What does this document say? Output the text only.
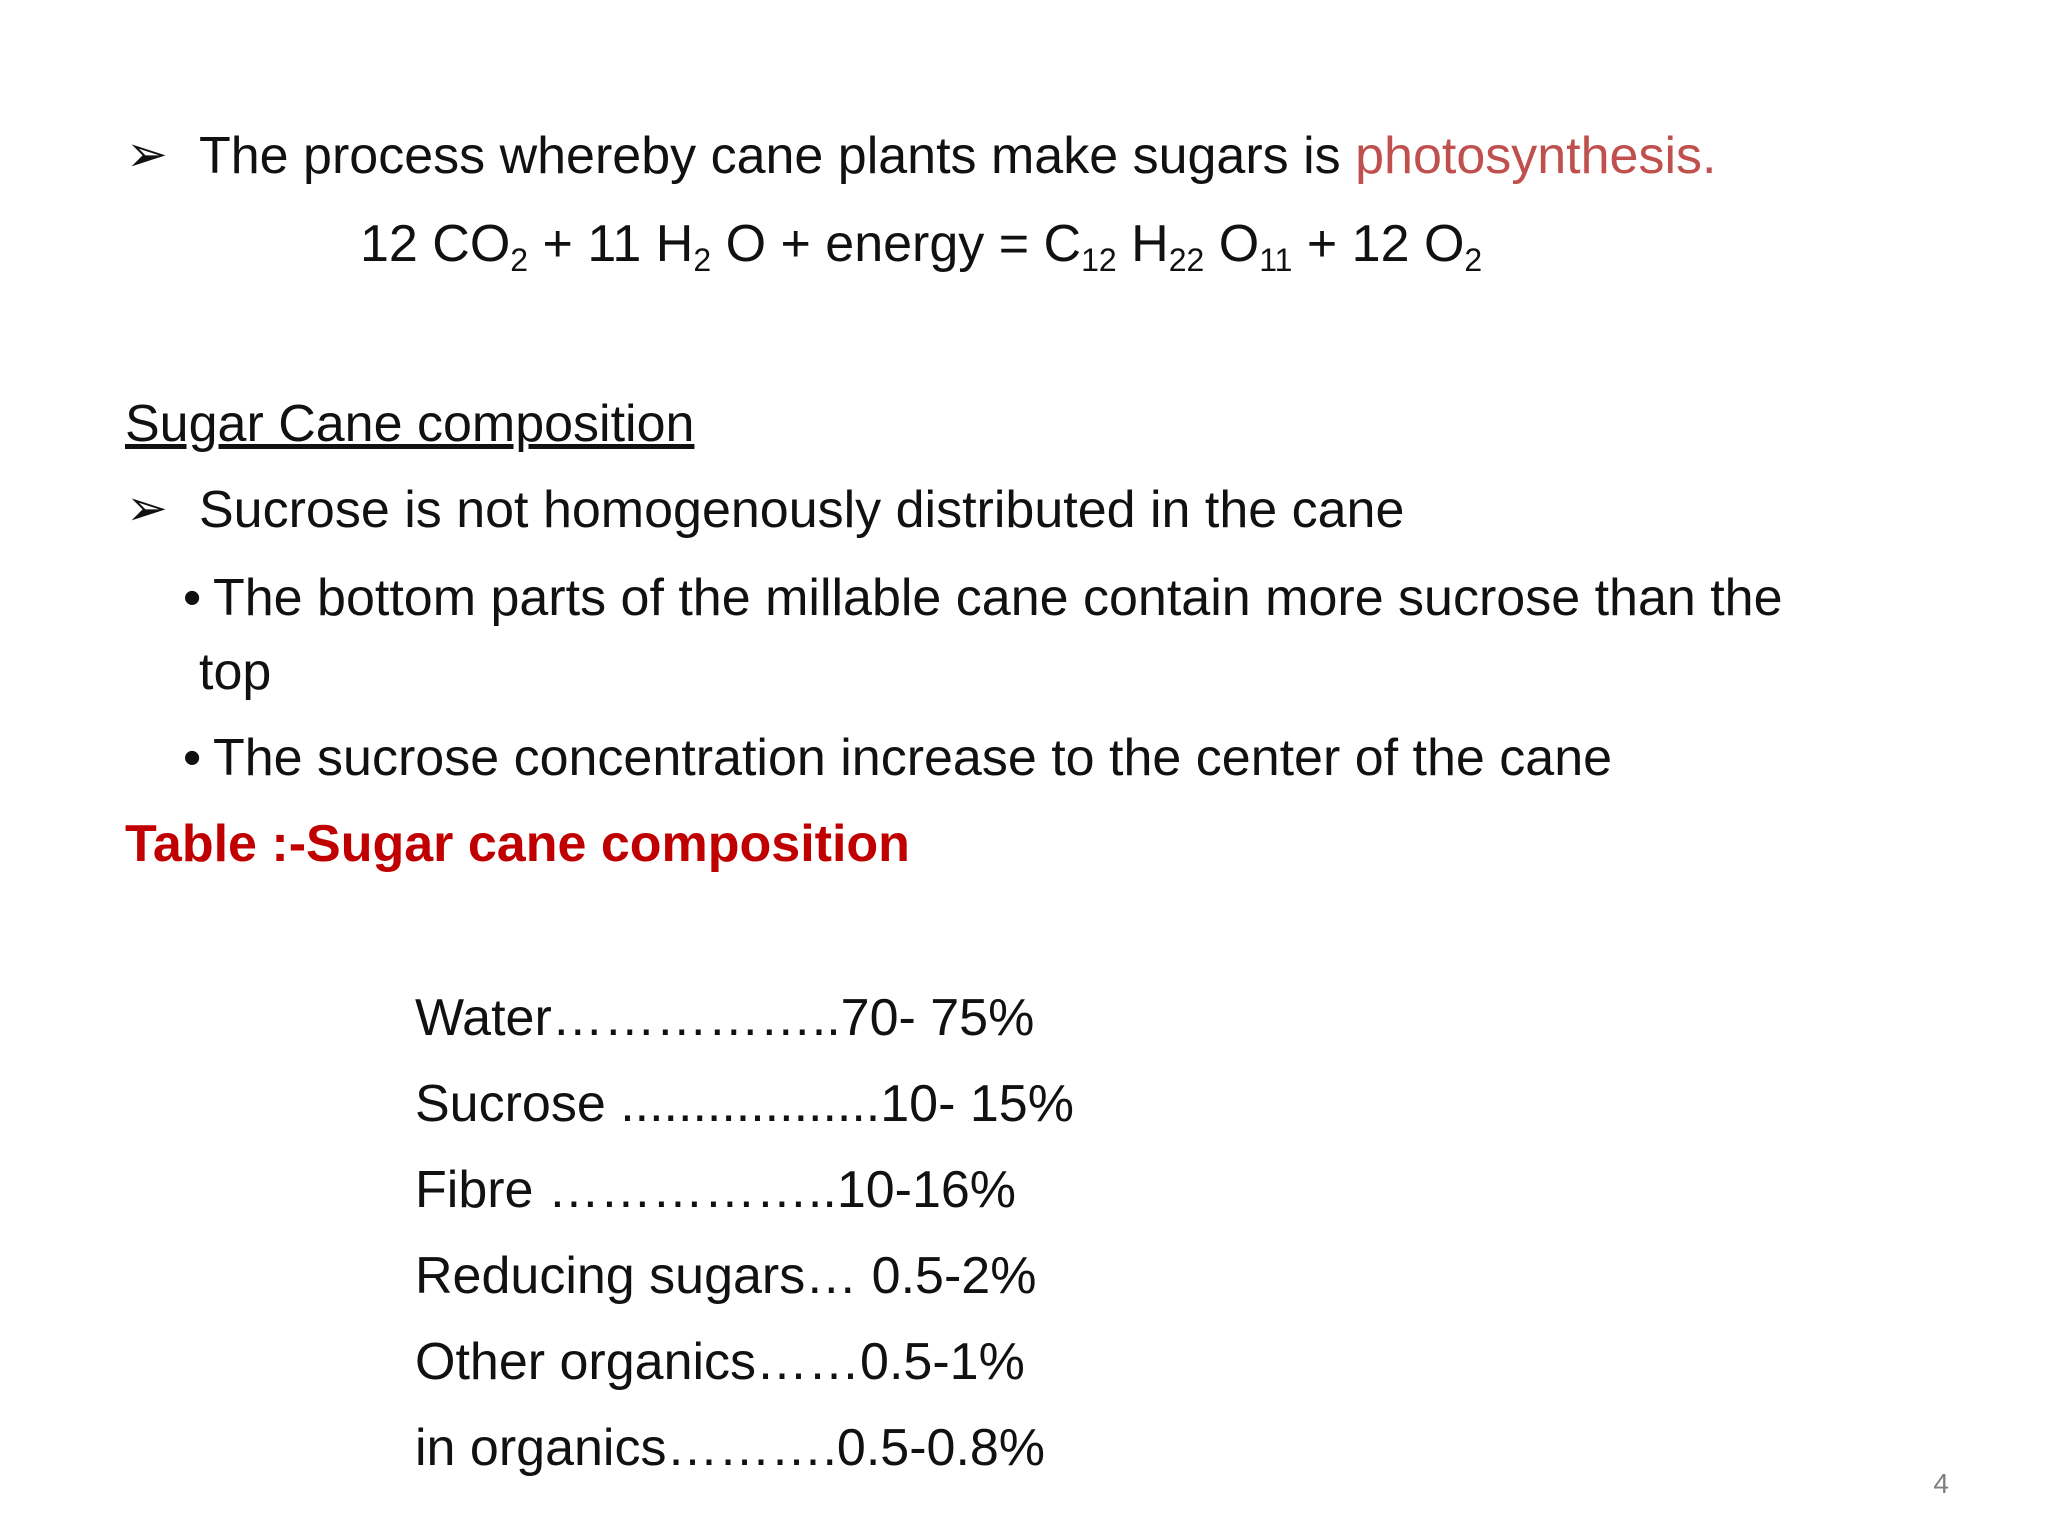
➢ The process whereby cane plants make sugars is photosynthesis.
12 $CO_2 + 11$ $H_2$ O + energy = $C_{12}$ $H_{22}$ $O_{11} + 12$ $O_2$
Sugar Cane composition
➢ Sucrose is not homogenously distributed in the cane
• The bottom parts of the millable cane contain more sucrose than the
top
• The sucrose concentration increase to the center of the cane
Table :-Sugar cane composition
Water……………..70- 75%
Sucrose ..................10- 15%
Fibre ……………..10-16%
Reducing sugars… 0.5-2%
Other organics……0.5-1%
in organics……….0.5-0.8%
4
